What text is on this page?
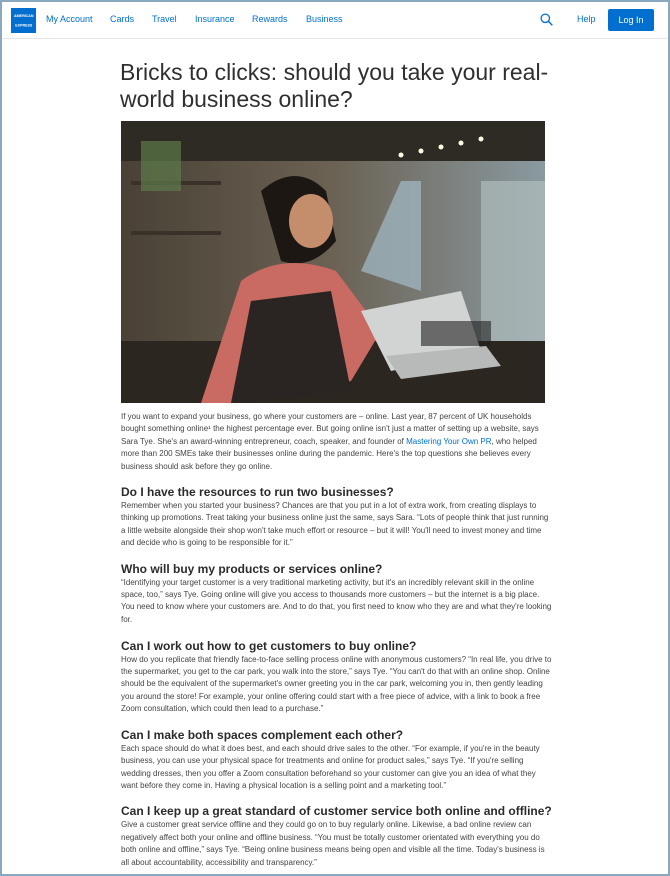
AMERICAN

EXPRESS
My Account Cards Travel Insurance Rewards Business	Help	Log In
Bricks to clicks: should you take your real-world business online?

If you want to expand your business, go where your customers are – online. Last year, 87 percent of UK households bought something online¹ the highest percentage ever. But going online isn't just a matter of setting up a website, says Sara Tye. She's an award-winning entrepreneur, coach, speaker, and founder of Mastering Your Own PR, who helped more than 200 SMEs take their businesses online during the pandemic. Here's the top questions she believes every business should ask before they go online.

Do I have the resources to run two businesses?

Remember when you started your business? Chances are that you put in a lot of extra work, from creating displays to thinking up promotions. Treat taking your business online just the same, says Sara. “Lots of people think that just running a little website alongside their shop won't take much effort or resource – but it will! You'll need to invest money and time and decide who is going to be responsible for it.”

Who will buy my products or services online?

“Identifying your target customer is a very traditional marketing activity, but it's an incredibly relevant skill in the online space, too,” says Tye. Going online will give you access to thousands more customers – but the internet is a big place. You need to know where your customers are. And to do that, you first need to know who they are and what they're looking for.

Can I work out how to get customers to buy online?

How do you replicate that friendly face-to-face selling process online with anonymous customers? “In real life, you drive to the supermarket, you get to the car park, you walk into the store,” says Tye. “You can't do that with an online shop. Online should be the equivalent of the supermarket's owner greeting you in the car park, welcoming you in, then gently leading you around the store! For example, your online offering could start with a free piece of advice, with a link to book a free Zoom consultation, which could then lead to a purchase.”

Can I make both spaces complement each other?

Each space should do what it does best, and each should drive sales to the other. “For example, if you're in the beauty business, you can use your physical space for treatments and online for product sales,” says Tye. “If you're selling wedding dresses, then you offer a Zoom consultation beforehand so your customer can give you an idea of what they want before they come in. Having a physical location is a selling point and a marketing tool.”

Can I keep up a great standard of customer service both online and offline?

Give a customer great service offline and they could go on to buy regularly online. Likewise, a bad online review can negatively affect both your online and offline business. “You must be totally customer orientated with everything you do both online and offline,” says Tye. “Being online business means being open and visible all the time. Today's business is all about accountability, accessibility and transparency.”
